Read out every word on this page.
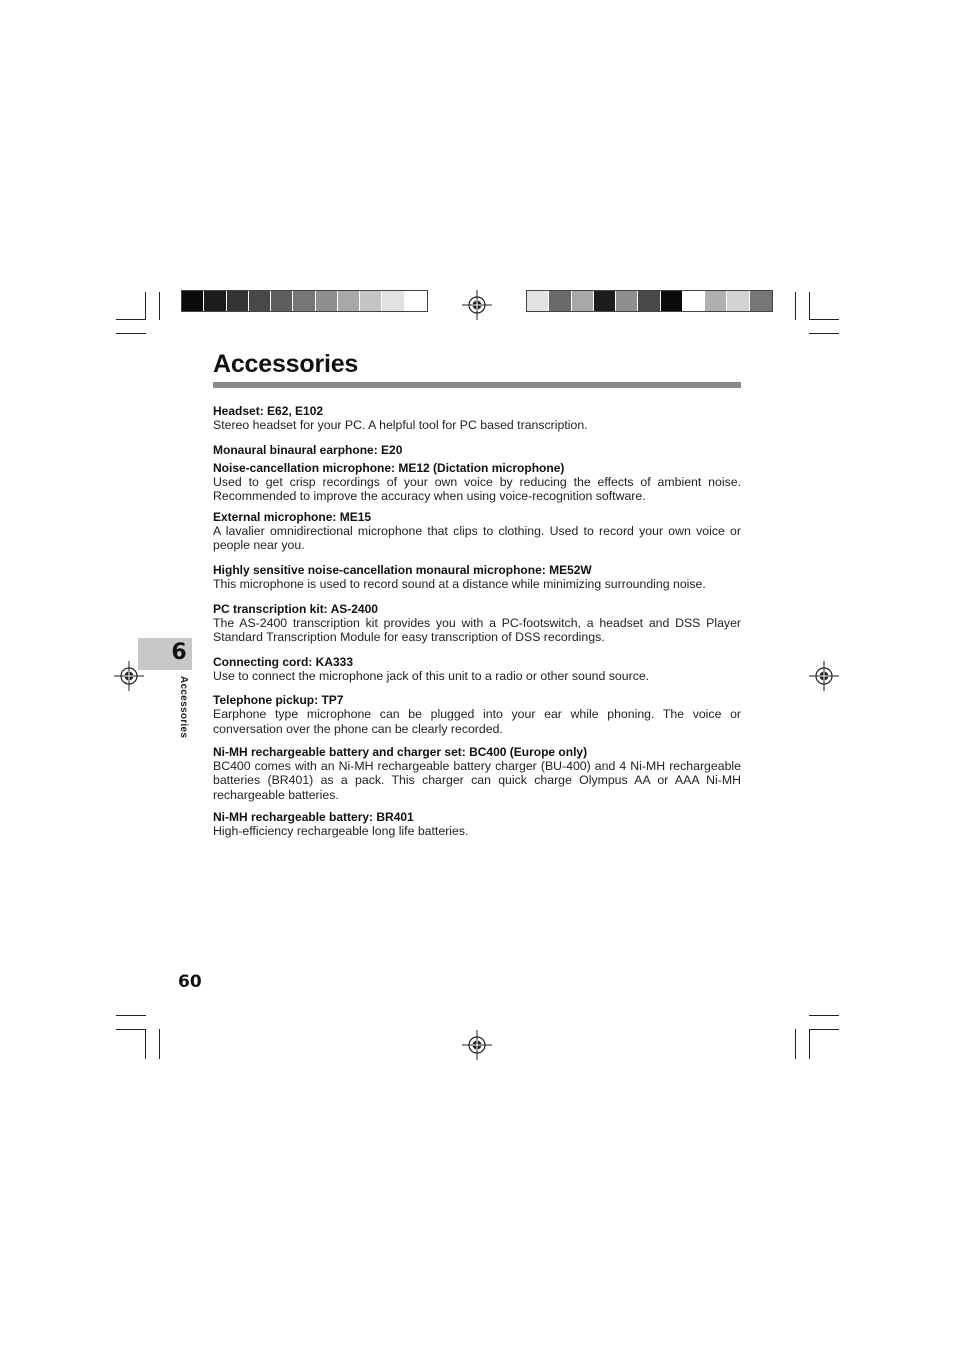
Accessories
Headset: E62, E102

Stereo headset for your PC. A helpful tool for PC based transcription.

Monaural binaural earphone: E20
Noise-cancellation microphone: ME12 (Dictation microphone)

Used to get crisp recordings of your own voice by reducing the effects of ambient noise. Recommended to improve the accuracy when using voice-recognition software.

External microphone: ME15

A lavalier omnidirectional microphone that clips to clothing. Used to record your own voice or people near you.

Highly sensitive noise-cancellation monaural microphone: ME52W

This microphone is used to record sound at a distance while minimizing surrounding noise.

PC transcription kit: AS-2400

The AS-2400 transcription kit provides you with a PC-footswitch, a headset and DSS Player Standard Transcription Module for easy transcription of DSS recordings.

Connecting cord: KA333

Use to connect the microphone jack of this unit to a radio or other sound source.

Telephone pickup: TP7

Earphone type microphone can be plugged into your ear while phoning. The voice or conversation over the phone can be clearly recorded.

Ni-MH rechargeable battery and charger set: BC400 (Europe only)

BC400 comes with an Ni-MH rechargeable battery charger (BU-400) and 4 Ni-MH rechargeable batteries (BR401) as a pack. This charger can quick charge Olympus AA or AAA Ni-MH rechargeable batteries.

Ni-MH rechargeable battery: BR401

High-efficiency rechargeable long life batteries.

6
Accessories
60
